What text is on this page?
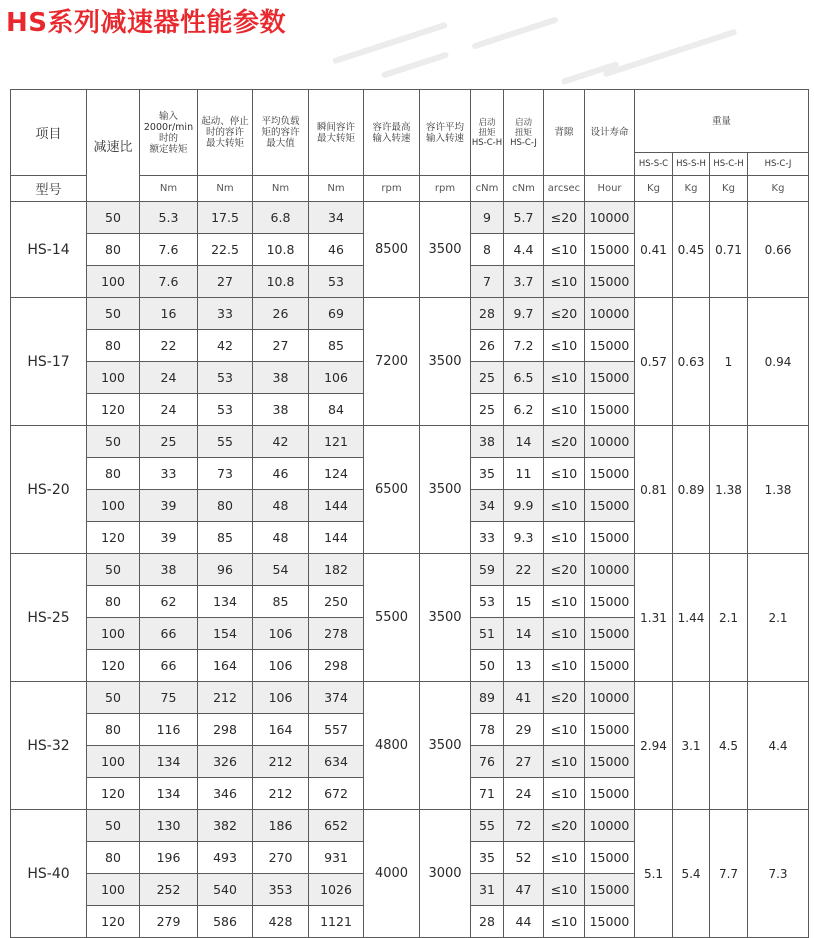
HS系列减速器性能参数
项目	减速比	输入
2000r/min
时的
额定转矩	起动、停止
时的容许
最大转矩	平均负载
矩的容许
最大值	瞬间容许
最大转矩	容许最高
输入转速	容许平均
输入转速	启动
扭矩
HS-C-H	启动
扭矩
HS-C-J	背隙	设计寿命	重量			
												HS-S-C	HS-S-H	HS-C-H	HS-C-J
型号		Nm	Nm	Nm	Nm	rpm	rpm	cNm	cNm	arcsec	Hour	Kg	Kg	Kg	Kg
HS-14	50	5.3	17.5	6.8	34	8500	3500	9	5.7	≤20	10000	0.41	0.45	0.71	0.66
	80	7.6	22.5	10.8	46			8	4.4	≤10	15000				
	100	7.6	27	10.8	53			7	3.7	≤10	15000				
HS-17	50	16	33	26	69	7200	3500	28	9.7	≤20	10000	0.57	0.63	1	0.94
	80	22	42	27	85			26	7.2	≤10	15000				
	100	24	53	38	106			25	6.5	≤10	15000				
	120	24	53	38	84			25	6.2	≤10	15000				
HS-20	50	25	55	42	121	6500	3500	38	14	≤20	10000	0.81	0.89	1.38	1.38
	80	33	73	46	124			35	11	≤10	15000				
	100	39	80	48	144			34	9.9	≤10	15000				
	120	39	85	48	144			33	9.3	≤10	15000				
HS-25	50	38	96	54	182	5500	3500	59	22	≤20	10000	1.31	1.44	2.1	2.1
	80	62	134	85	250			53	15	≤10	15000				
	100	66	154	106	278			51	14	≤10	15000				
	120	66	164	106	298			50	13	≤10	15000				
HS-32	50	75	212	106	374	4800	3500	89	41	≤20	10000	2.94	3.1	4.5	4.4
	80	116	298	164	557			78	29	≤10	15000				
	100	134	326	212	634			76	27	≤10	15000				
	120	134	346	212	672			71	24	≤10	15000				
HS-40	50	130	382	186	652	4000	3000	55	72	≤20	10000	5.1	5.4	7.7	7.3
	80	196	493	270	931			35	52	≤10	15000				
	100	252	540	353	1026			31	47	≤10	15000				
	120	279	586	428	1121			28	44	≤10	15000				
